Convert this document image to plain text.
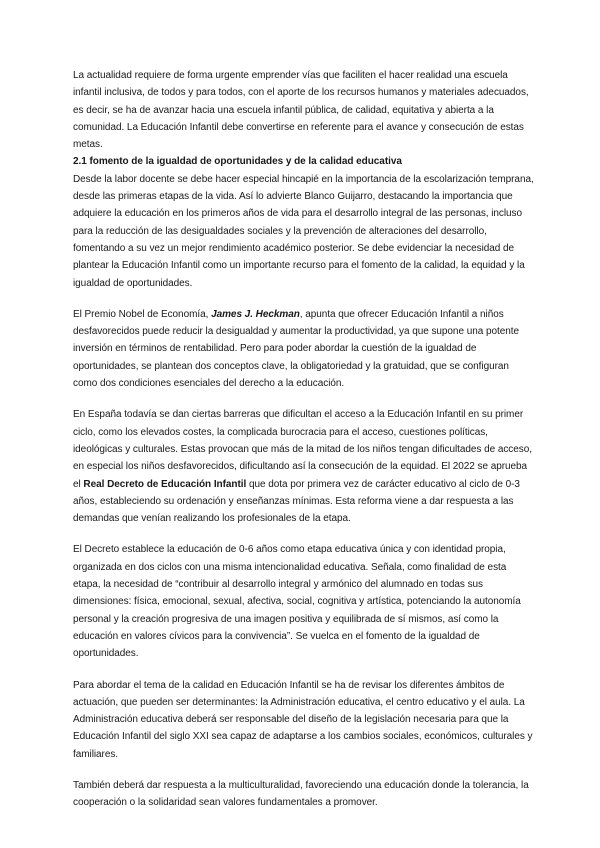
La actualidad requiere de forma urgente emprender vías que faciliten el hacer realidad una escuela infantil inclusiva, de todos y para todos, con el aporte de los recursos humanos y materiales adecuados, es decir, se ha de avanzar hacia una escuela infantil pública, de calidad, equitativa y abierta a la comunidad. La Educación Infantil debe convertirse en referente para el avance y consecución de estas metas.

2.1 fomento de la igualdad de oportunidades y de la calidad educativa

Desde la labor docente se debe hacer especial hincapié en la importancia de la escolarización temprana, desde las primeras etapas de la vida. Así lo advierte Blanco Guijarro, destacando la importancia que adquiere la educación en los primeros años de vida para el desarrollo integral de las personas, incluso para la reducción de las desigualdades sociales y la prevención de alteraciones del desarrollo, fomentando a su vez un mejor rendimiento académico posterior. Se debe evidenciar la necesidad de plantear la Educación Infantil como un importante recurso para el fomento de la calidad, la equidad y la igualdad de oportunidades.

El Premio Nobel de Economía, James J. Heckman, apunta que ofrecer Educación Infantil a niños desfavorecidos puede reducir la desigualdad y aumentar la productividad, ya que supone una potente inversión en términos de rentabilidad. Pero para poder abordar la cuestión de la igualdad de oportunidades, se plantean dos conceptos clave, la obligatoriedad y la gratuidad, que se configuran como dos condiciones esenciales del derecho a la educación.

En España todavía se dan ciertas barreras que dificultan el acceso a la Educación Infantil en su primer ciclo, como los elevados costes, la complicada burocracia para el acceso, cuestiones políticas, ideológicas y culturales. Estas provocan que más de la mitad de los niños tengan dificultades de acceso, en especial los niños desfavorecidos, dificultando así la consecución de la equidad. El 2022 se aprueba el Real Decreto de Educación Infantil que dota por primera vez de carácter educativo al ciclo de 0-3 años, estableciendo su ordenación y enseñanzas mínimas. Esta reforma viene a dar respuesta a las demandas que venían realizando los profesionales de la etapa.

El Decreto establece la educación de 0-6 años como etapa educativa única y con identidad propia, organizada en dos ciclos con una misma intencionalidad educativa. Señala, como finalidad de esta etapa, la necesidad de “contribuir al desarrollo integral y armónico del alumnado en todas sus dimensiones: física, emocional, sexual, afectiva, social, cognitiva y artística, potenciando la autonomía personal y la creación progresiva de una imagen positiva y equilibrada de sí mismos, así como la educación en valores cívicos para la convivencia”. Se vuelca en el fomento de la igualdad de oportunidades.

Para abordar el tema de la calidad en Educación Infantil se ha de revisar los diferentes ámbitos de actuación, que pueden ser determinantes: la Administración educativa, el centro educativo y el aula. La Administración educativa deberá ser responsable del diseño de la legislación necesaria para que la Educación Infantil del siglo XXI sea capaz de adaptarse a los cambios sociales, económicos, culturales y familiares.

También deberá dar respuesta a la multiculturalidad, favoreciendo una educación donde la tolerancia, la cooperación o la solidaridad sean valores fundamentales a promover.
